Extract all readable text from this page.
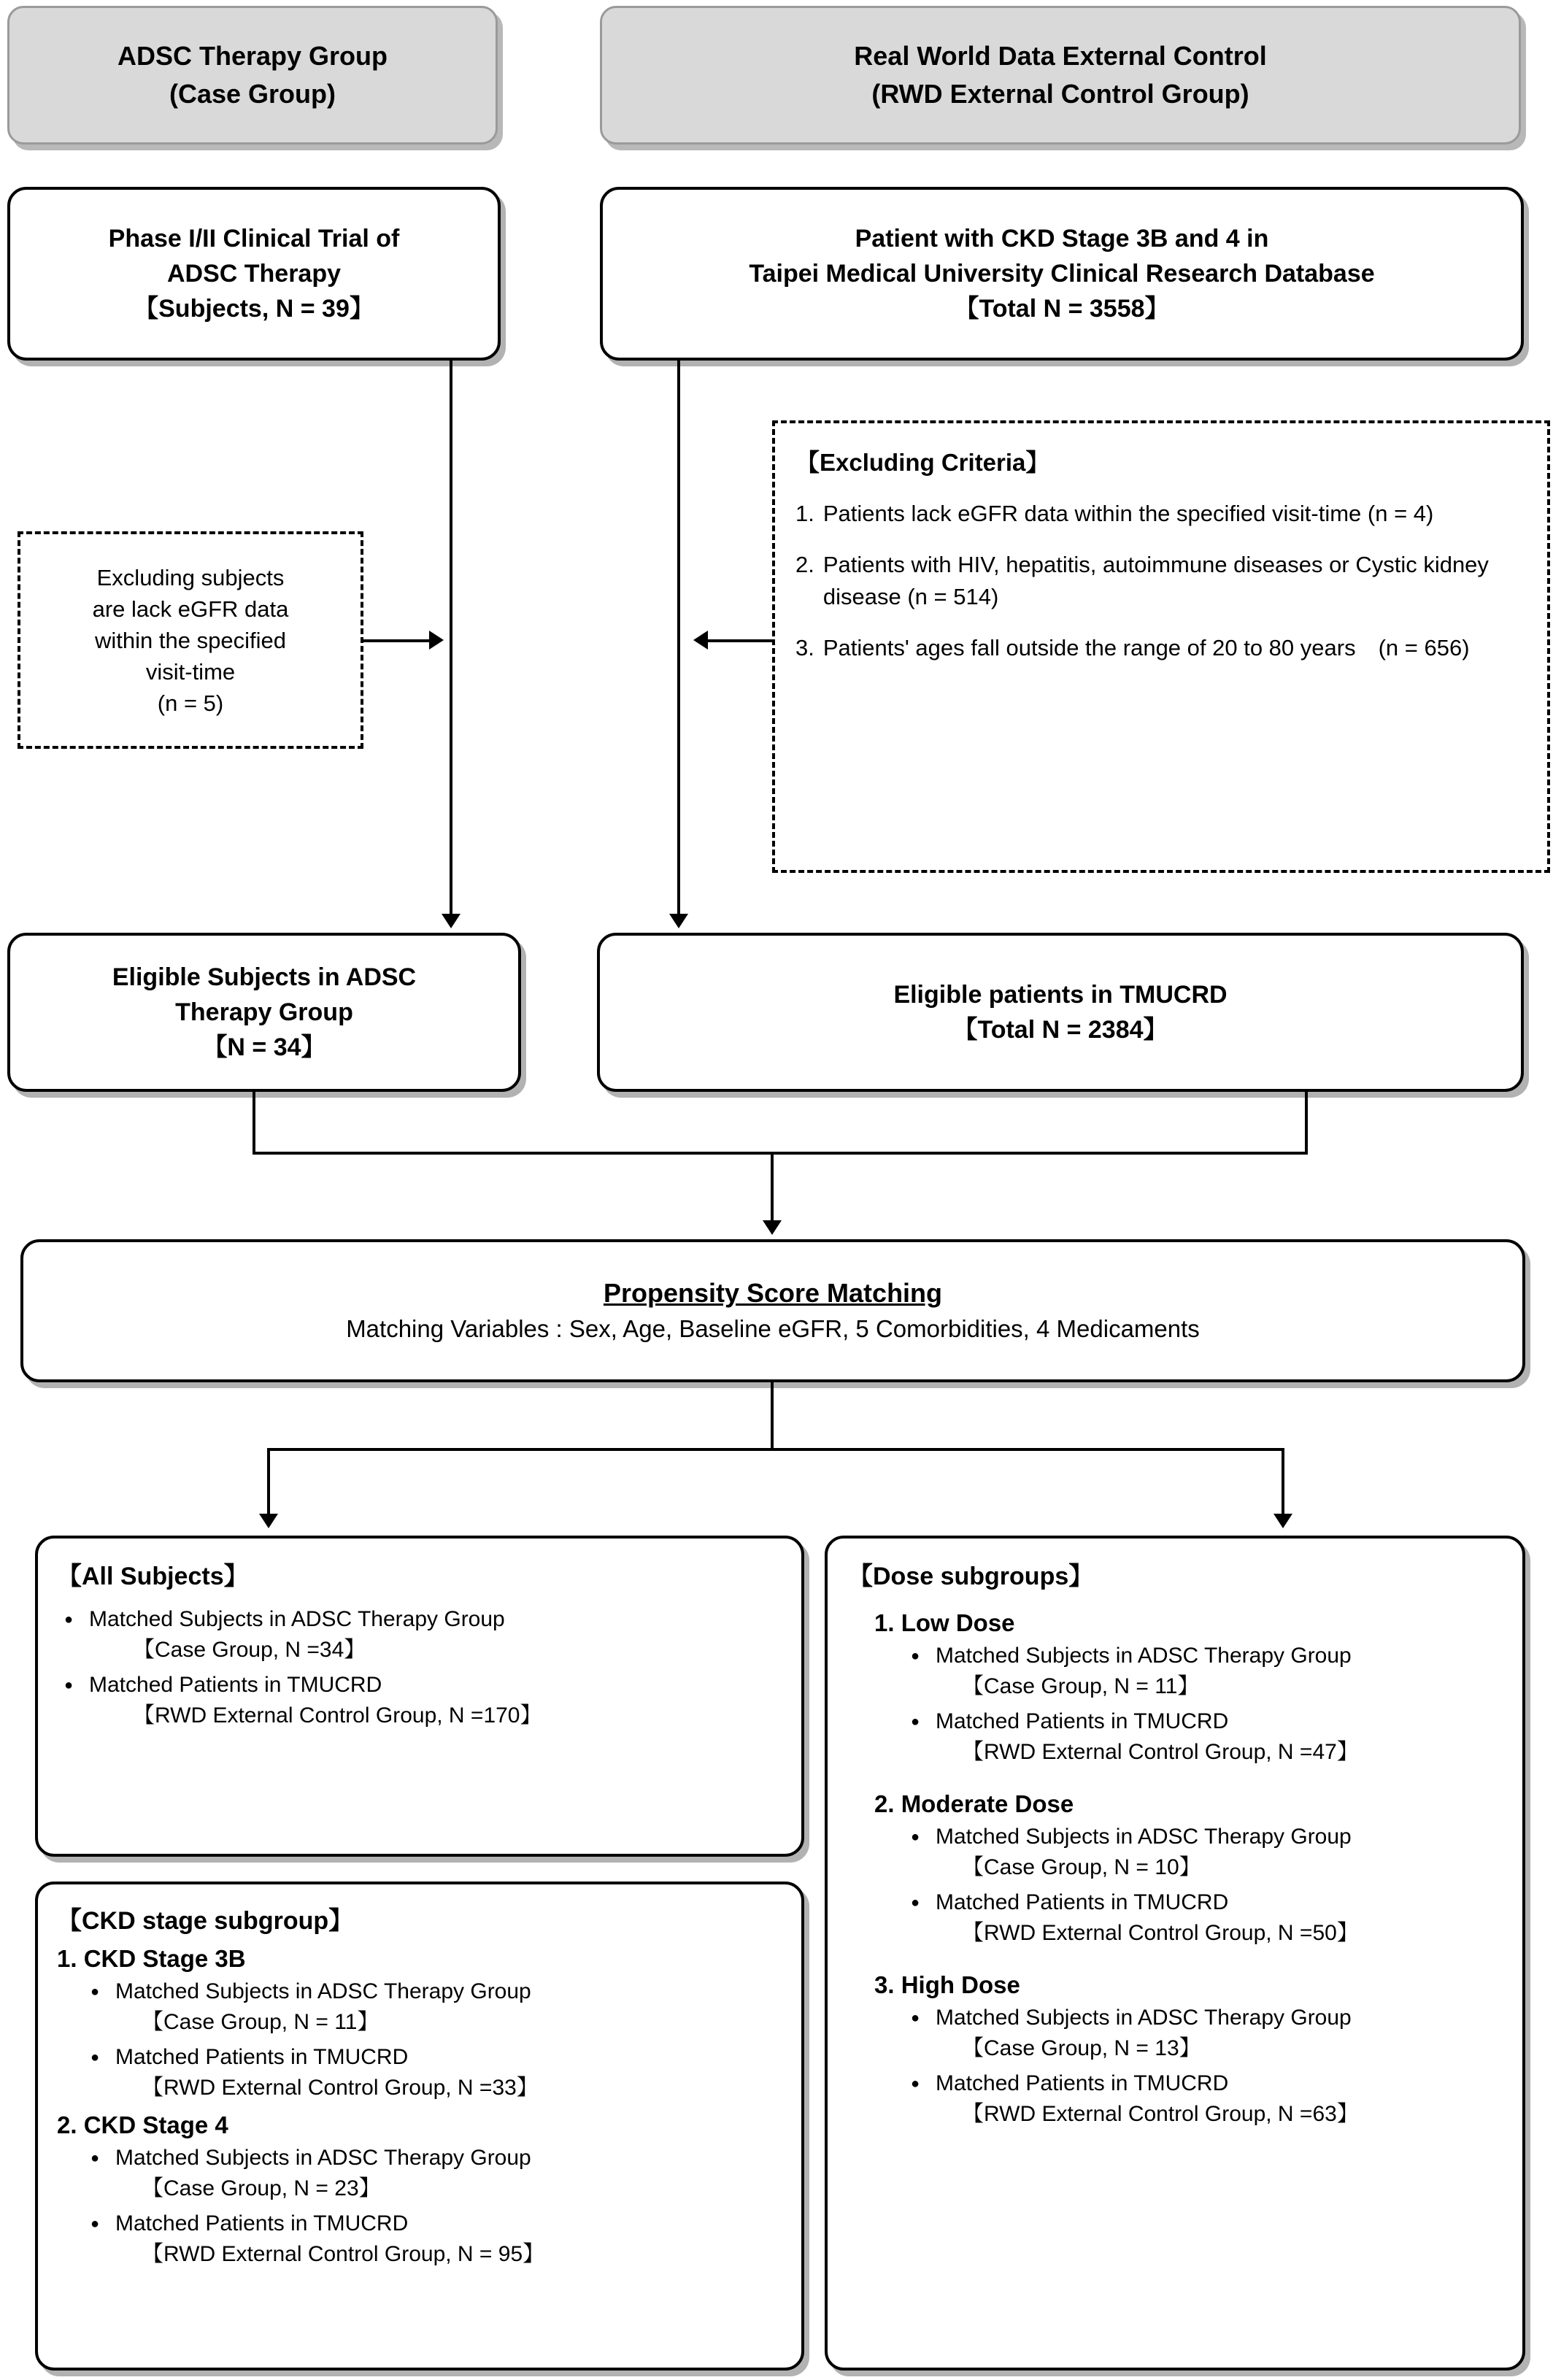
ADSC Therapy Group
(Case Group)
Real World Data External Control
(RWD External Control Group)
Phase I/II Clinical Trial of
ADSC Therapy
【Subjects, N = 39】
Patient with CKD Stage 3B and 4 in
Taipei Medical University Clinical Research Database
【Total N = 3558】
【Excluding Criteria】
1. Patients lack eGFR data within the specified visit-time (n = 4)
2. Patients with HIV, hepatitis, autoimmune diseases or Cystic kidney disease (n = 514)
3. Patients' ages fall outside the range of 20 to 80 years (n = 656)
Excluding subjects
are lack eGFR data
within the specified
visit-time
(n = 5)
Eligible Subjects in ADSC
Therapy Group
【N = 34】
Eligible patients in TMUCRD
【Total N = 2384】
Propensity Score Matching
Matching Variables : Sex, Age, Baseline eGFR, 5 Comorbidities, 4 Medicaments
【All Subjects】
● Matched Subjects in ADSC Therapy Group
【Case Group, N =34】
● Matched Patients in TMUCRD
【RWD External Control Group, N =170】
【CKD stage subgroup】
1. CKD Stage 3B
● Matched Subjects in ADSC Therapy Group
【Case Group, N = 11】
● Matched Patients in TMUCRD
【RWD External Control Group, N =33】
2. CKD Stage 4
● Matched Subjects in ADSC Therapy Group
【Case Group, N = 23】
● Matched Patients in TMUCRD
【RWD External Control Group, N = 95】
【Dose subgroups】
1. Low Dose
● Matched Subjects in ADSC Therapy Group
【Case Group, N = 11】
● Matched Patients in TMUCRD
【RWD External Control Group, N =47】
2. Moderate Dose
● Matched Subjects in ADSC Therapy Group
【Case Group, N = 10】
● Matched Patients in TMUCRD
【RWD External Control Group, N =50】
3. High Dose
● Matched Subjects in ADSC Therapy Group
【Case Group, N = 13】
● Matched Patients in TMUCRD
【RWD External Control Group, N =63】
